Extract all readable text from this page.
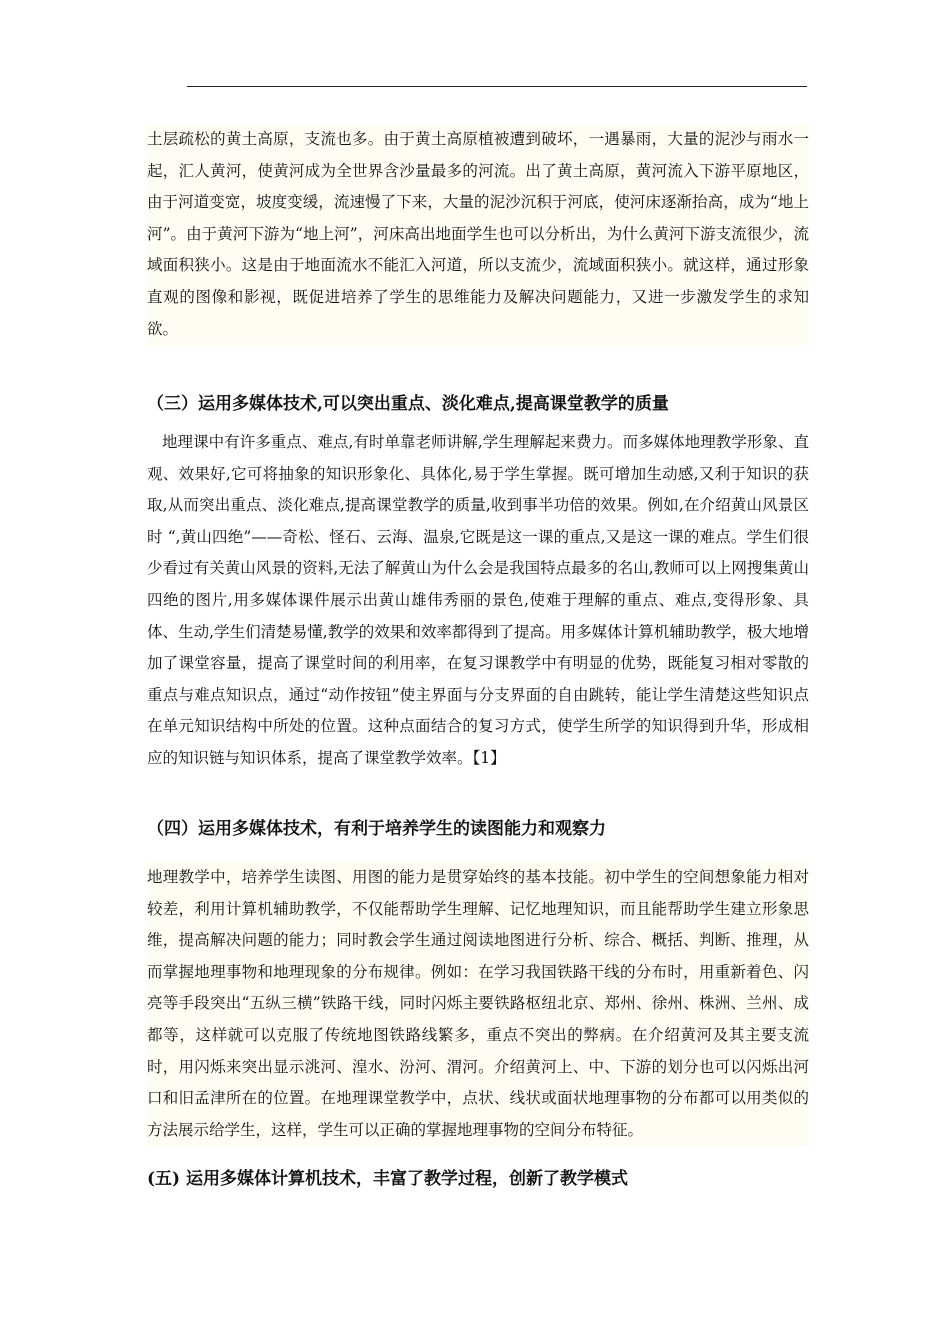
土层疏松的黄土高原，支流也多。由于黄土高原植被遭到破坏，一遇暴雨，大量的泥沙与雨水一起，汇人黄河，使黄河成为全世界含沙量最多的河流。出了黄土高原，黄河流入下游平原地区，由于河道变宽，坡度变缓，流速慢了下来，大量的泥沙沉积于河底，使河床逐渐抬高，成为“地上河”。由于黄河下游为“地上河”，河床高出地面学生也可以分析出，为什么黄河下游支流很少，流域面积狭小。这是由于地面流水不能汇入河道，所以支流少，流域面积狭小。就这样，通过形象直观的图像和影视，既促进培养了学生的思维能力及解决问题能力，又进一步激发学生的求知欲。

（三）运用多媒体技术,可以突出重点、淡化难点,提高课堂教学的质量

地理课中有许多重点、难点,有时单靠老师讲解,学生理解起来费力。而多媒体地理教学形象、直观、效果好,它可将抽象的知识形象化、具体化,易于学生掌握。既可增加生动感,又利于知识的获取,从而突出重点、淡化难点,提高课堂教学的质量,收到事半功倍的效果。例如,在介绍黄山风景区时 “,黄山四绝”——奇松、怪石、云海、温泉,它既是这一课的重点,又是这一课的难点。学生们很少看过有关黄山风景的资料,无法了解黄山为什么会是我国特点最多的名山,教师可以上网搜集黄山四绝的图片,用多媒体课件展示出黄山雄伟秀丽的景色,使难于理解的重点、难点,变得形象、具体、生动,学生们清楚易懂,教学的效果和效率都得到了提高。用多媒体计算机辅助教学，极大地增加了课堂容量，提高了课堂时间的利用率，在复习课教学中有明显的优势，既能复习相对零散的重点与难点知识点，通过“动作按钮”使主界面与分支界面的自由跳转，能让学生清楚这些知识点在单元知识结构中所处的位置。这种点面结合的复习方式，使学生所学的知识得到升华，形成相应的知识链与知识体系，提高了课堂教学效率。【1】

（四）运用多媒体技术，有利于培养学生的读图能力和观察力

地理教学中，培养学生读图、用图的能力是贯穿始终的基本技能。初中学生的空间想象能力相对较差，利用计算机辅助教学，不仅能帮助学生理解、记忆地理知识，而且能帮助学生建立形象思维，提高解决问题的能力；同时教会学生通过阅读地图进行分析、综合、概括、判断、推理，从而掌握地理事物和地理现象的分布规律。例如：在学习我国铁路干线的分布时，用重新着色、闪亮等手段突出“五纵三横”铁路干线，同时闪烁主要铁路枢纽北京、郑州、徐州、株洲、兰州、成都等，这样就可以克服了传统地图铁路线繁多，重点不突出的弊病。在介绍黄河及其主要支流时，用闪烁来突出显示洮河、湟水、汾河、渭河。介绍黄河上、中、下游的划分也可以闪烁出河口和旧孟津所在的位置。在地理课堂教学中，点状、线状或面状地理事物的分布都可以用类似的方法展示给学生，这样，学生可以正确的掌握地理事物的空间分布特征。

(五) 运用多媒体计算机技术，丰富了教学过程，创新了教学模式
